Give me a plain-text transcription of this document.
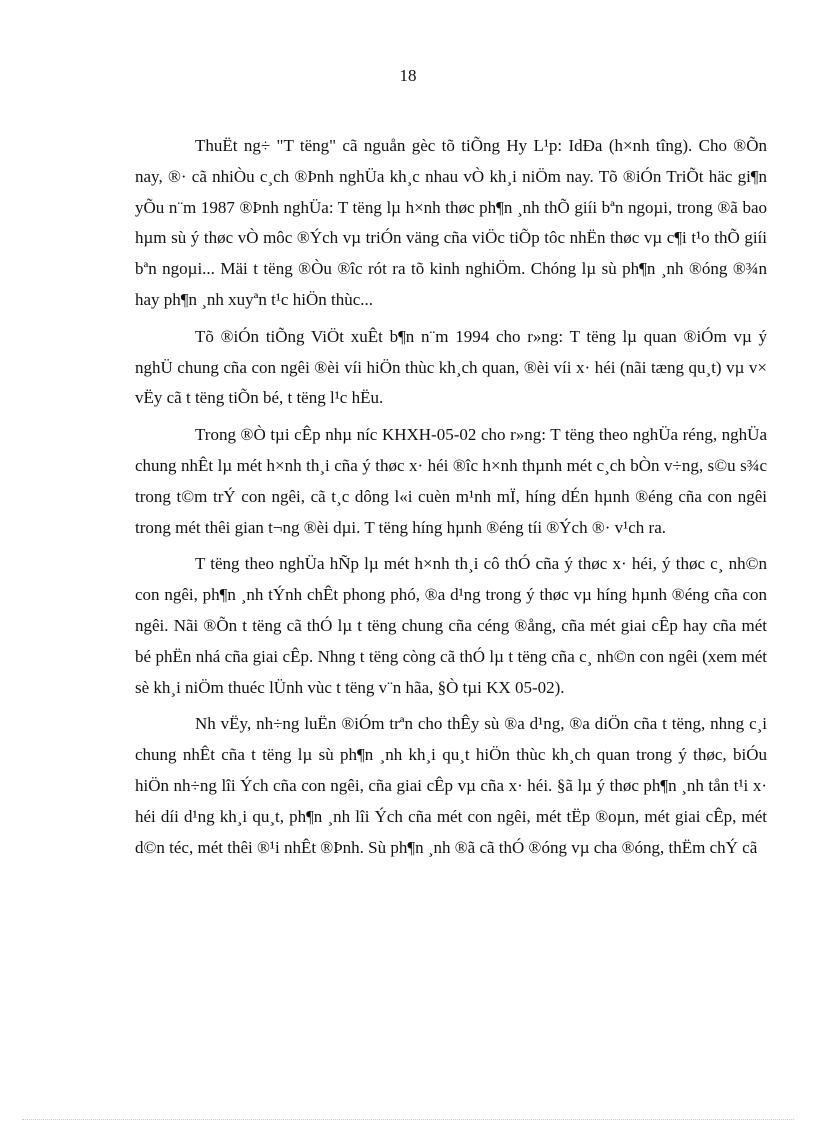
18

ThuËt ng÷ "T tëng" cã nguån gèc tõ tiÕng Hy L¹p: IdÐa (h×nh tîng). Cho ®Õn nay, ®· cã nhiÒu c¸ch ®Þnh nghÜa kh¸c nhau vÒ kh¸i niÖm nay. Tõ ®iÓn TriÕt häc gi¶n yÕu n¨m 1987 ®Þnh nghÜa: T tëng lµ h×nh thøc ph¶n ¸nh thÕ giíi bªn ngoµi, trong ®ã bao hµm sù ý thøc vÒ môc ®Ých vµ triÓn väng cña viÖc tiÕp tôc nhËn thøc vµ c¶i t¹o thÕ giíi bªn ngoµi... Mäi t tëng ®Òu ®îc rót ra tõ kinh nghiÖm. Chóng lµ sù ph¶n ¸nh ®óng ®¾n hay ph¶n ¸nh xuyªn t¹c hiÖn thùc...

Tõ ®iÓn tiÕng ViÖt xuÊt b¶n n¨m 1994 cho r»ng: T tëng lµ quan ®iÓm vµ ý nghÜ chung cña con ngêi ®èi víi hiÖn thùc kh¸ch quan, ®èi víi x· héi (nãi tæng qu¸t) vµ v× vËy cã t tëng tiÕn bé, t tëng l¹c hËu.

Trong ®Ò tµi cÊp nhµ níc KHXH-05-02 cho r»ng: T tëng theo nghÜa réng, nghÜa chung nhÊt lµ mét h×nh th¸i cña ý thøc x· héi ®îc h×nh thµnh mét c¸ch bÒn v÷ng, s©u s¾c trong t©m trÝ con ngêi, cã t¸c dông l«i cuèn m¹nh mÏ, híng dÉn hµnh ®éng cña con ngêi trong mét thêi gian t¬ng ®èi dµi. T tëng híng hµnh ®éng tíi ®Ých ®· v¹ch ra.

T tëng theo nghÜa hÑp lµ mét h×nh th¸i cô thÓ cña ý thøc x· héi, ý thøc c¸ nh©n con ngêi, ph¶n ¸nh tÝnh chÊt phong phó, ®a d¹ng trong ý thøc vµ híng hµnh ®éng cña con ngêi. Nãi ®Õn t tëng cã thÓ lµ t tëng chung cña céng ®ång, cña mét giai cÊp hay cña mét bé phËn nhá cña giai cÊp. Nhng t tëng còng cã thÓ lµ t tëng cña c¸ nh©n con ngêi (xem mét sè kh¸i niÖm thuéc lÜnh vùc t tëng v¨n hãa, §Ò tµi KX 05-02).

Nh vËy, nh÷ng luËn ®iÓm trªn cho thÊy sù ®a d¹ng, ®a diÖn cña t tëng, nhng c¸i chung nhÊt cña t tëng lµ sù ph¶n ¸nh kh¸i qu¸t hiÖn thùc kh¸ch quan trong ý thøc, biÓu hiÖn nh÷ng lîi Ých cña con ngêi, cña giai cÊp vµ cña x· héi. §ã lµ ý thøc ph¶n ¸nh tån t¹i x· héi díi d¹ng kh¸i qu¸t, ph¶n ¸nh lîi Ých cña mét con ngêi, mét tËp ®oµn, mét giai cÊp, mét d©n téc, mét thêi ®¹i nhÊt ®Þnh. Sù ph¶n ¸nh ®ã cã thÓ ®óng vµ cha ®óng, thËm chÝ cã
